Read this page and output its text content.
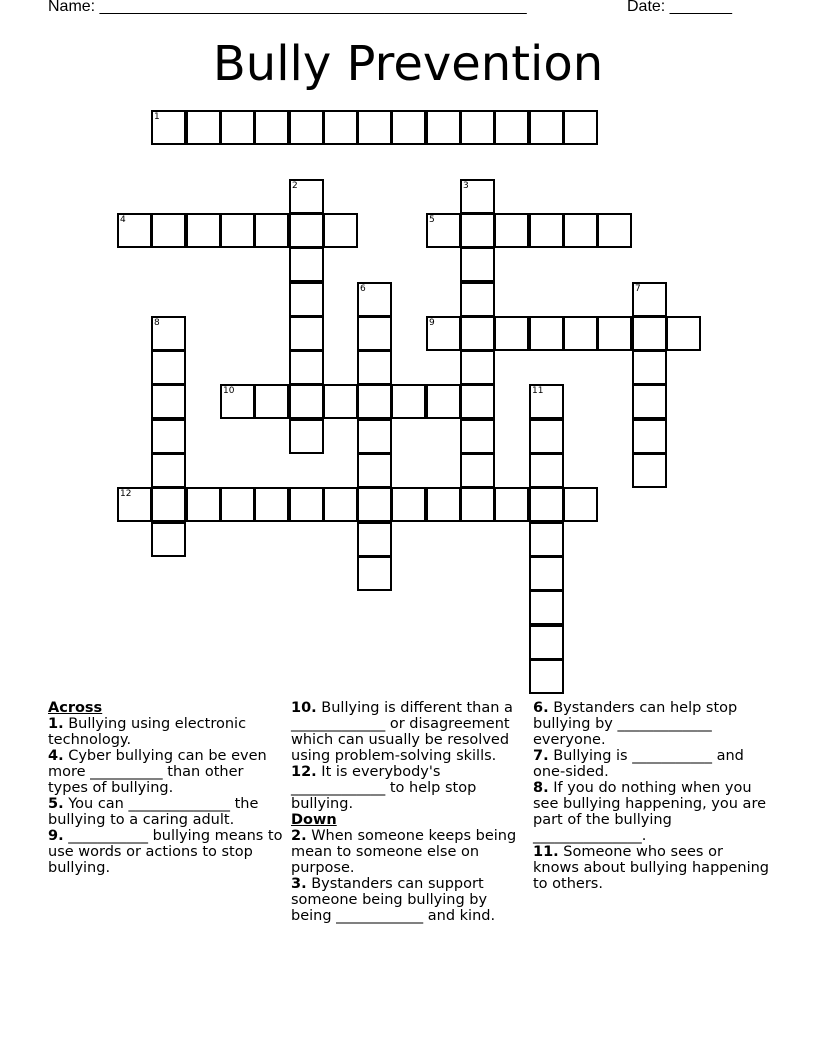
Name: ________________________________________________	Date: _______
Bully Prevention
1
2	3
4	5
6	7
8	9
10	11
12
Across
1. Bullying using electronic technology.
4. Cyber bullying can be even more __________ than other types of bullying.
5. You can ______________ the bullying to a caring adult.
9. ___________ bullying means to use words or actions to stop bullying.
10. Bullying is different than a _____________ or disagreement which can usually be resolved using problem-solving skills.
12. It is everybody's _____________ to help stop bullying.
Down
2. When someone keeps being mean to someone else on purpose.
3. Bystanders can support someone being bullying by being ____________ and kind.
6. Bystanders can help stop bullying by _____________ everyone.
7. Bullying is ___________ and one-sided.
8. If you do nothing when you see bullying happening, you are part of the bullying _______________.
11. Someone who sees or knows about bullying happening to others.
